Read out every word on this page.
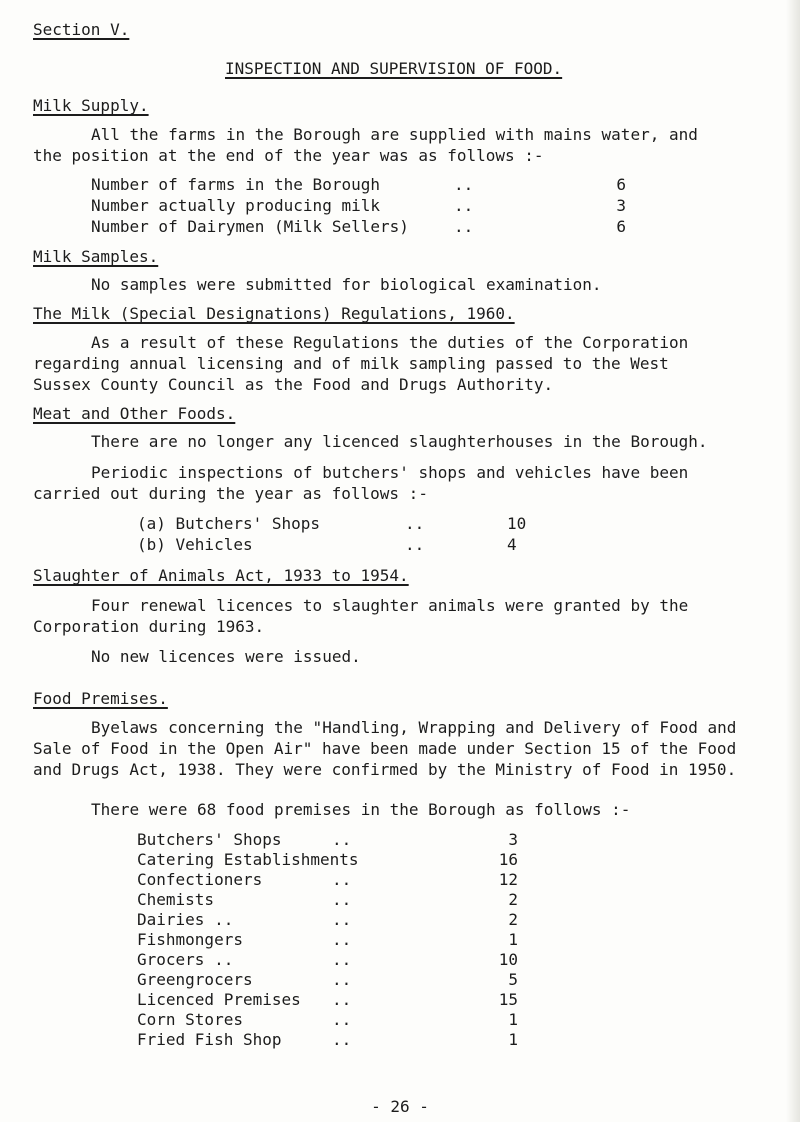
Section V.
INSPECTION AND SUPERVISION OF FOOD.
Milk Supply.

All the farms in the Borough are supplied with mains water, and the position at the end of the year was as follows :-

Number of farms in the Borough	..	6
Number actually producing milk	..	3
Number of Dairymen (Milk Sellers)	..	6
Milk Samples.
No samples were submitted for biological examination.
The Milk (Special Designations) Regulations, 1960.

As a result of these Regulations the duties of the Corporation regarding annual licensing and of milk sampling passed to the West Sussex County Council as the Food and Drugs Authority.

Meat and Other Foods.
There are no longer any licenced slaughterhouses in the Borough.

Periodic inspections of butchers' shops and vehicles have been carried out during the year as follows :-

(a) Butchers' Shops	..	10
(b) Vehicles	..	4
Slaughter of Animals Act, 1933 to 1954.

Four renewal licences to slaughter animals were granted by the Corporation during 1963.

No new licences were issued.
Food Premises.

Byelaws concerning the "Handling, Wrapping and Delivery of Food and Sale of Food in the Open Air" have been made under Section 15 of the Food and Drugs Act, 1938. They were confirmed by the Ministry of Food in 1950.

There were 68 food premises in the Borough as follows :-
Butchers' Shops	..	3
Catering Establishments	16
Confectioners	..	12
Chemists	..	2
Dairies ..	..	2
Fishmongers	..	1
Grocers ..	..	10
Greengrocers	..	5
Licenced Premises ..	15
Corn Stores	..	1
Fried Fish Shop	..	1
- 26 -
